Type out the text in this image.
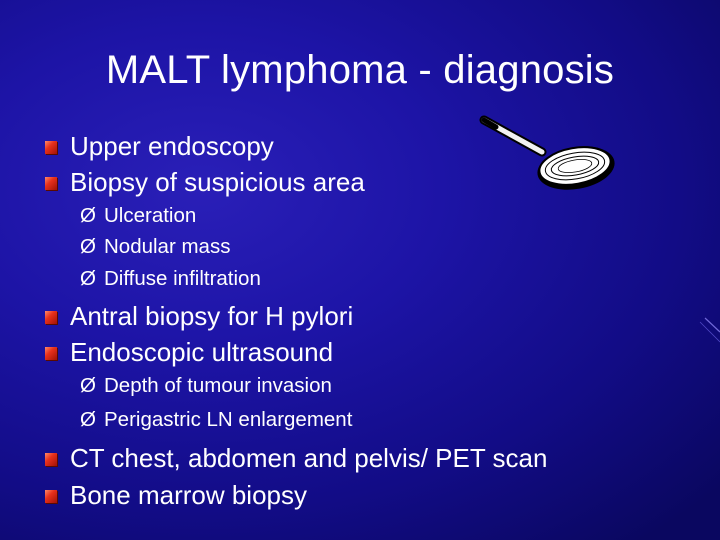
MALT lymphoma - diagnosis
Upper endoscopy
Biopsy of suspicious area
Ø Ulceration
Ø Nodular mass
Ø Diffuse infiltration
Antral biopsy for H pylori
Endoscopic ultrasound
Ø Depth of tumour invasion
Ø Perigastric LN enlargement
CT chest, abdomen and pelvis/ PET scan
Bone marrow biopsy
